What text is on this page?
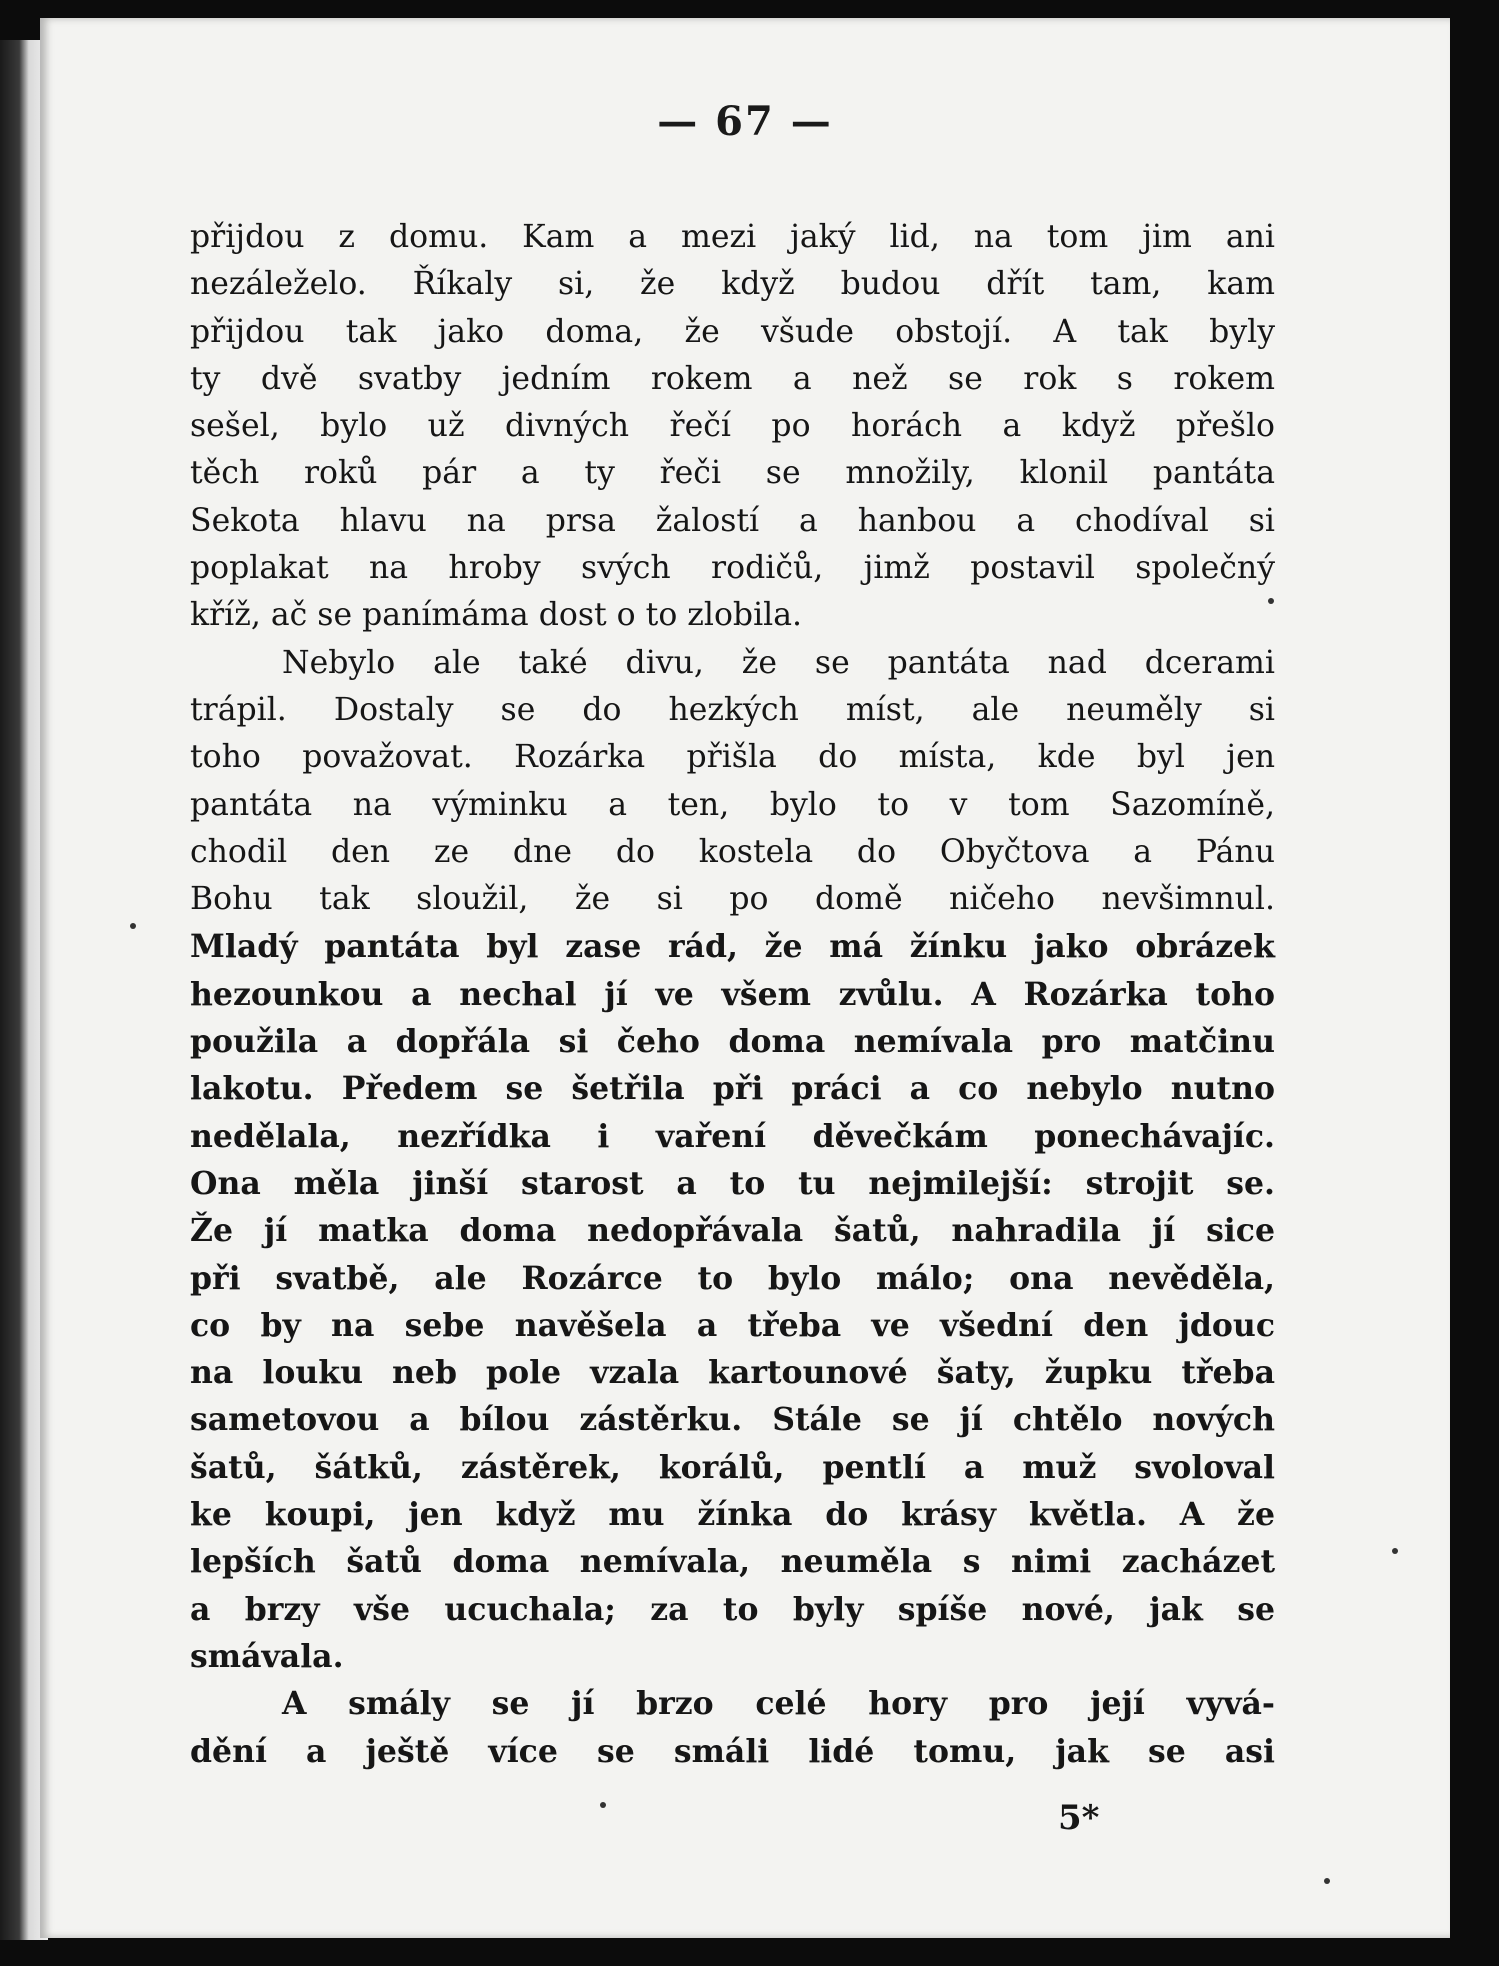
— 67 —
přijdou z domu. Kam a mezi jaký lid, na tom jim ani
nezáleželo. Říkaly si, že když budou dřít tam, kam
přijdou tak jako doma, že všude obstojí. A tak byly
ty dvě svatby jedním rokem a než se rok s rokem
sešel, bylo už divných řečí po horách a když přešlo
těch roků pár a ty řeči se množily, klonil pantáta
Sekota hlavu na prsa žalostí a hanbou a chodíval si
poplakat na hroby svých rodičů, jimž postavil společný
kříž, ač se panímáma dost o to zlobila.
Nebylo ale také divu, že se pantáta nad dcerami
trápil. Dostaly se do hezkých míst, ale neuměly si
toho považovat. Rozárka přišla do místa, kde byl jen
pantáta na výminku a ten, bylo to v tom Sazomíně,
chodil den ze dne do kostela do Obyčtova a Pánu
Bohu tak sloužil, že si po domě ničeho nevšimnul.
Mladý pantáta byl zase rád, že má žínku jako obrázek
hezounkou a nechal jí ve všem zvůlu. A Rozárka toho
použila a dopřála si čeho doma nemívala pro matčinu
lakotu. Předem se šetřila při práci a co nebylo nutno
nedělala, nezřídka i vaření děvečkám ponechávajíc.
Ona měla jinší starost a to tu nejmilejší: strojit se.
Že jí matka doma nedopřávala šatů, nahradila jí sice
při svatbě, ale Rozárce to bylo málo; ona nevěděla,
co by na sebe navěšela a třeba ve všední den jdouc
na louku neb pole vzala kartounové šaty, župku třeba
sametovou a bílou zástěrku. Stále se jí chtělo nových
šatů, šátků, zástěrek, korálů, pentlí a muž svoloval
ke koupi, jen když mu žínka do krásy květla. A že
lepších šatů doma nemívala, neuměla s nimi zacházet
a brzy vše ucuchala; za to byly spíše nové, jak se
smávala.
A smály se jí brzo celé hory pro její vyvá-
dění a ještě více se smáli lidé tomu, jak se asi
5*
